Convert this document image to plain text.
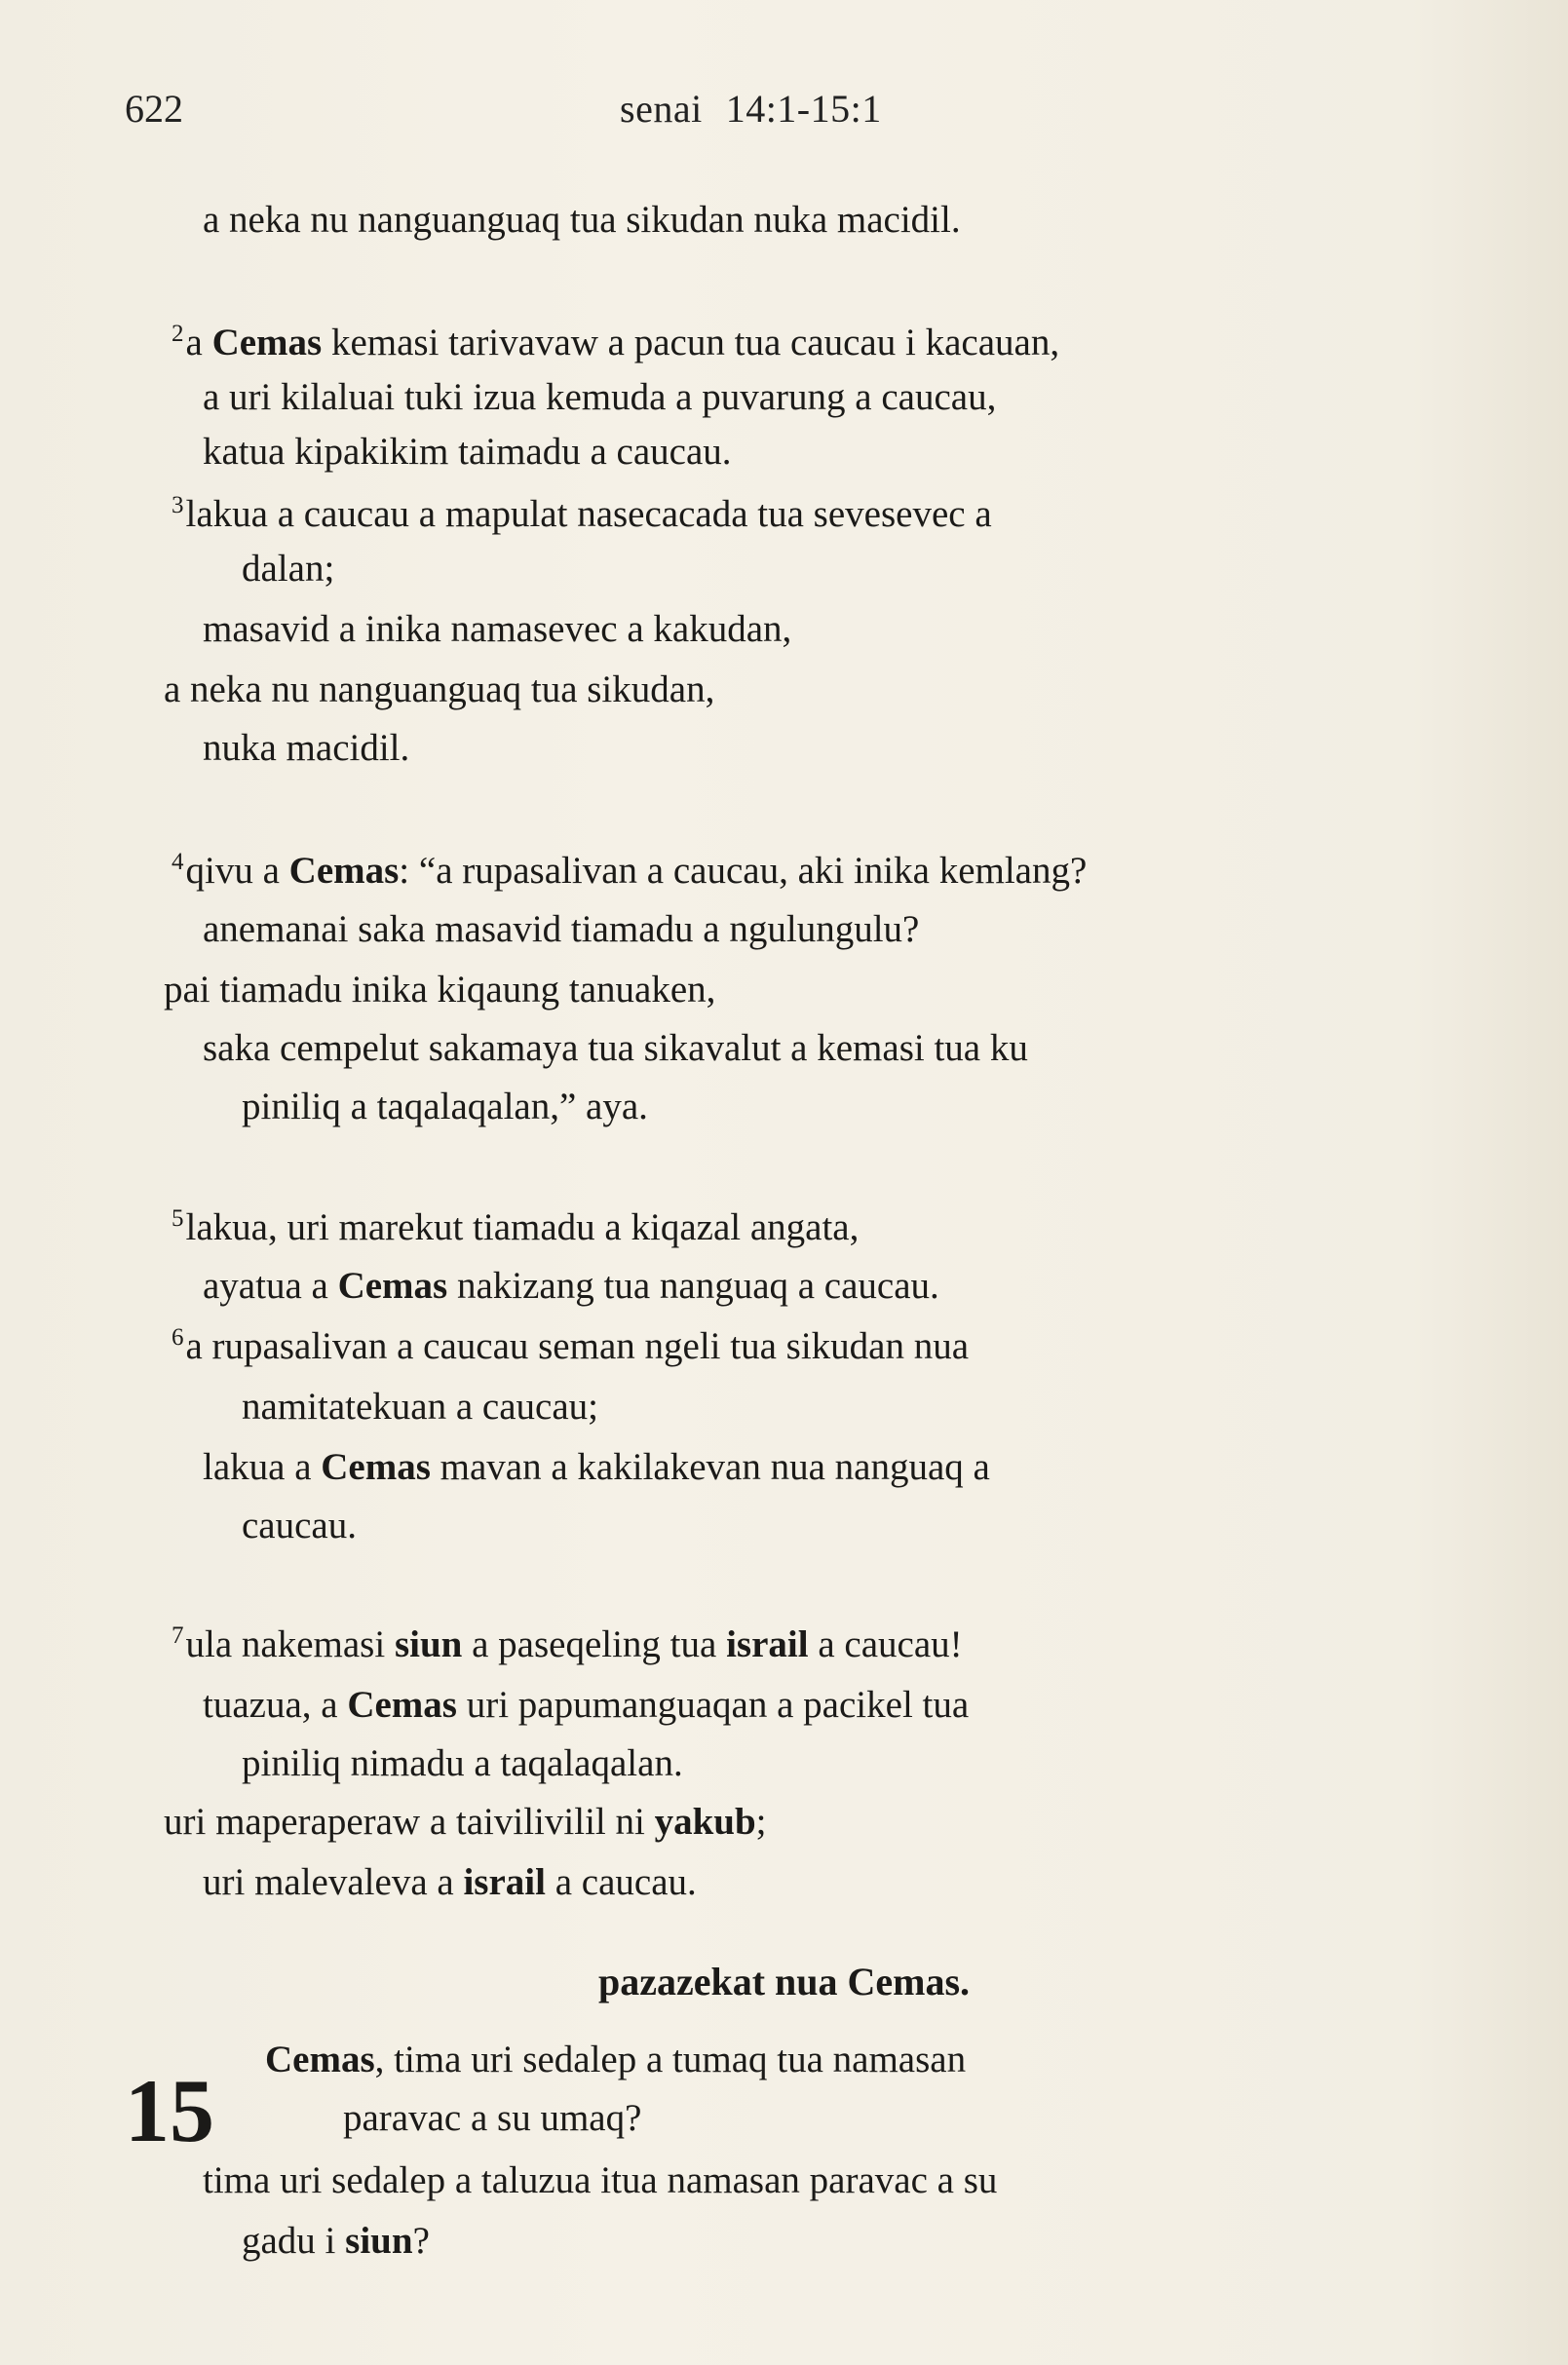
622	senai 14:1-15:1
a neka nu nanguanguaq tua sikudan nuka macidil.
$^2$a Cemas kemasi tarivavaw a pacun tua caucau i kacauan,
a uri kilaluai tuki izua kemuda a puvarung a caucau,
katua kipakikim taimadu a caucau.
$^3$lakua a caucau a mapulat nasecacada tua sevesevec a
dalan;
masavid a inika namasevec a kakudan,
a neka nu nanguanguaq tua sikudan,
nuka macidil.
$^4$qivu a Cemas: “a rupasalivan a caucau, aki inika kemlang?
anemanai saka masavid tiamadu a ngulungulu?
pai tiamadu inika kiqaung tanuaken,
saka cempelut sakamaya tua sikavalut a kemasi tua ku
piniliq a taqalaqalan,” aya.
$^5$lakua, uri marekut tiamadu a kiqazal angata,
ayatua a Cemas nakizang tua nanguaq a caucau.
$^6$a rupasalivan a caucau seman ngeli tua sikudan nua
namitatekuan a caucau;
lakua a Cemas mavan a kakilakevan nua nanguaq a
caucau.
$^7$ula nakemasi siun a paseqeling tua israil a caucau!
tuazua, a Cemas uri papumanguaqan a pacikel tua
piniliq nimadu a taqalaqalan.
uri maperaperaw a taivilivilil ni yakub;
uri malevaleva a israil a caucau.
pazazekat nua Cemas.
15
Cemas, tima uri sedalep a tumaq tua namasan
paravac a su umaq?
tima uri sedalep a taluzua itua namasan paravac a su
gadu i siun?
